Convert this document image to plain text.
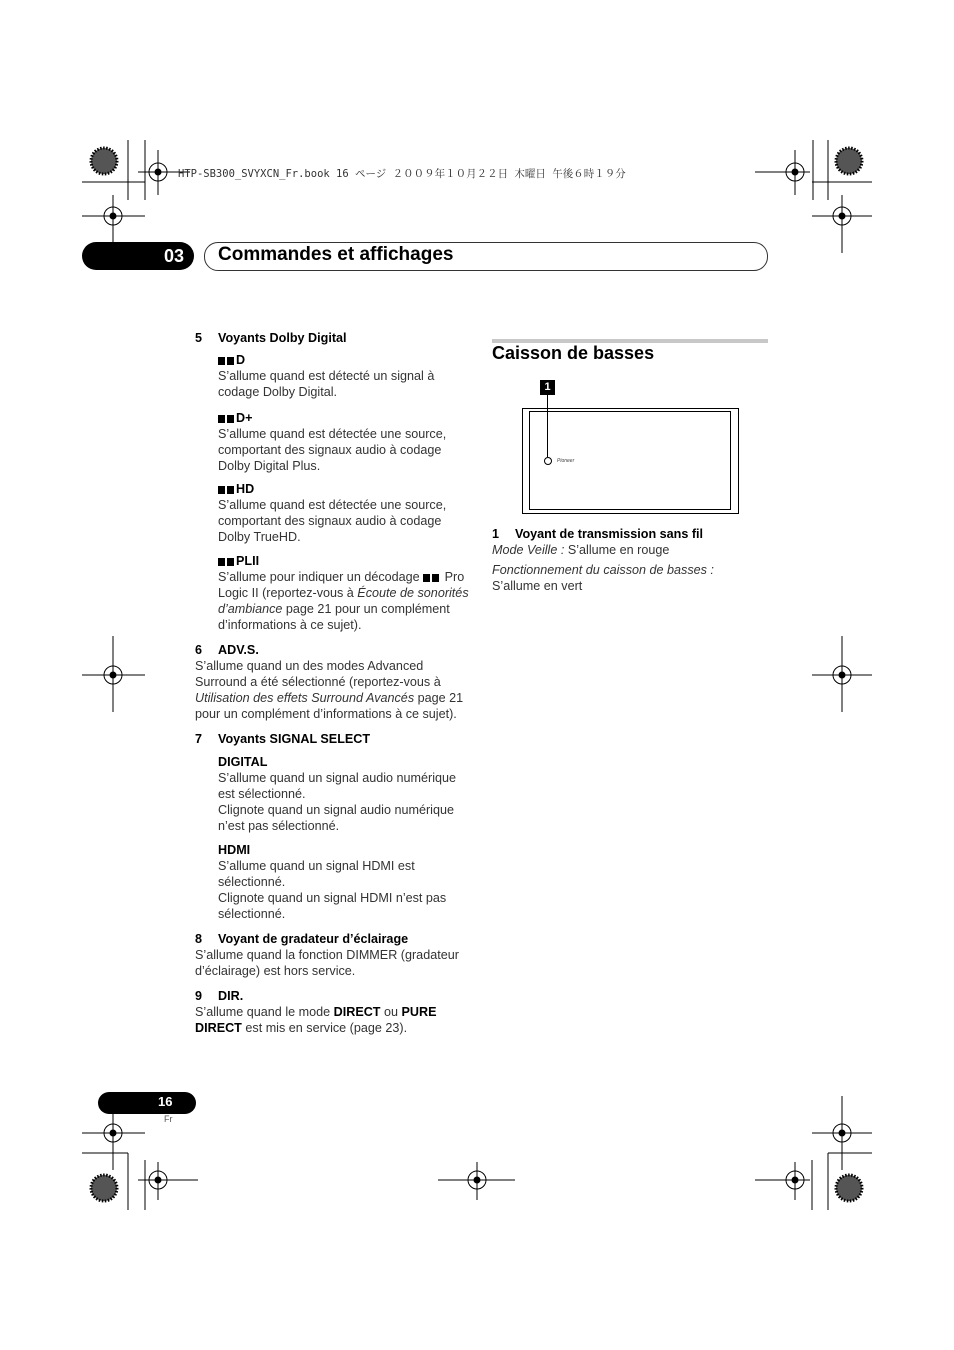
HTP-SB300_SVYXCN_Fr.book 16 ページ ２００９年１０月２２日 木曜日 午後６時１９分
03	Commandes et affichages
5 Voyants Dolby Digital
D
S’allume quand est détecté un signal à codage Dolby Digital.
D+
S’allume quand est détectée une source, comportant des signaux audio à codage Dolby Digital Plus.
HD
S’allume quand est détectée une source, comportant des signaux audio à codage Dolby TrueHD.
PLII
S’allume pour indiquer un décodage  Pro Logic II (reportez-vous à Écoute de sonorités d’ambiance page 21 pour un complément d’informations à ce sujet).
6 ADV.S.
S’allume quand un des modes Advanced Surround a été sélectionné (reportez-vous à Utilisation des effets Surround Avancés page 21 pour un complément d’informations à ce sujet).
7 Voyants SIGNAL SELECT
DIGITAL
S’allume quand un signal audio numérique est sélectionné.
Clignote quand un signal audio numérique n’est pas sélectionné.
HDMI
S’allume quand un signal HDMI est sélectionné.
Clignote quand un signal HDMI n’est pas sélectionné.
8 Voyant de gradateur d’éclairage
S’allume quand la fonction DIMMER (gradateur d’éclairage) est hors service.
9 DIR.
S’allume quand le mode DIRECT ou PURE DIRECT est mis en service (page 23).
Caisson de basses
1
Pioneer
1 Voyant de transmission sans fil
Mode Veille : S’allume en rouge
Fonctionnement du caisson de basses :
S’allume en vert
16
Fr
